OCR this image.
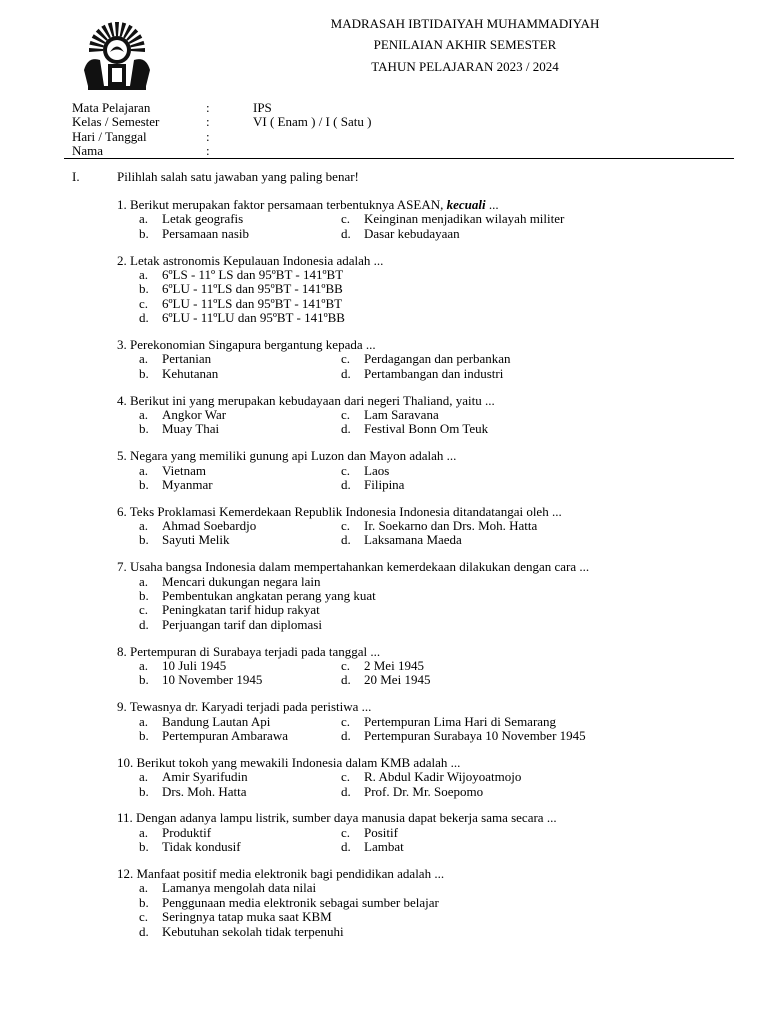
MADRASAH IBTIDAIYAH MUHAMMADIYAH
PENILAIAN AKHIR SEMESTER
TAHUN PELAJARAN 2023 / 2024
Mata Pelajaran	:	IPS
Kelas / Semester	:	VI ( Enam ) / I ( Satu )
Hari / Tanggal	:
Nama	:
I.	Pilihlah salah satu jawaban yang paling benar!
1. Berikut merupakan faktor persamaan terbentuknya ASEAN, kecuali ...
a. Letak geografis	c. Keinginan menjadikan wilayah militer
b. Persamaan nasib	d. Dasar kebudayaan
2. Letak astronomis Kepulauan Indonesia adalah ...
a. 6ºLS - 11º LS dan 95ºBT - 141ºBT
b. 6ºLU - 11ºLS dan 95ºBT - 141ºBB
c. 6ºLU - 11ºLS dan 95ºBT - 141ºBT
d. 6ºLU - 11ºLU dan 95ºBT - 141ºBB
3. Perekonomian Singapura bergantung kepada ...
a. Pertanian	c. Perdagangan dan perbankan
b. Kehutanan	d. Pertambangan dan industri
4. Berikut ini yang merupakan kebudayaan dari negeri Thaliand, yaitu ...
a. Angkor War	c. Lam Saravana
b. Muay Thai	d. Festival Bonn Om Teuk
5. Negara yang memiliki gunung api Luzon dan Mayon adalah ...
a. Vietnam	c. Laos
b. Myanmar	d. Filipina
6. Teks Proklamasi Kemerdekaan Republik Indonesia Indonesia ditandatangai oleh ...
a. Ahmad Soebardjo	c. Ir. Soekarno dan Drs. Moh. Hatta
b. Sayuti Melik	d. Laksamana Maeda
7. Usaha bangsa Indonesia dalam mempertahankan kemerdekaan dilakukan dengan cara ...
a. Mencari dukungan negara lain
b. Pembentukan angkatan perang yang kuat
c. Peningkatan tarif hidup rakyat
d. Perjuangan tarif dan diplomasi
8. Pertempuran di Surabaya terjadi pada tanggal ...
a. 10 Juli 1945	c. 2 Mei 1945
b. 10 November 1945	d. 20 Mei 1945
9. Tewasnya dr. Karyadi terjadi pada peristiwa ...
a. Bandung Lautan Api	c. Pertempuran Lima Hari di Semarang
b. Pertempuran Ambarawa	d. Pertempuran Surabaya 10 November 1945
10. Berikut tokoh yang mewakili Indonesia dalam KMB adalah ...
a. Amir Syarifudin	c. R. Abdul Kadir Wijoyoatmojo
b. Drs. Moh. Hatta	d. Prof. Dr. Mr. Soepomo
11. Dengan adanya lampu listrik, sumber daya manusia dapat bekerja sama secara ...
a. Produktif	c. Positif
b. Tidak kondusif	d. Lambat
12. Manfaat positif media elektronik bagi pendidikan adalah ...
a. Lamanya mengolah data nilai
b. Penggunaan media elektronik sebagai sumber belajar
c. Seringnya tatap muka saat KBM
d. Kebutuhan sekolah tidak terpenuhi
